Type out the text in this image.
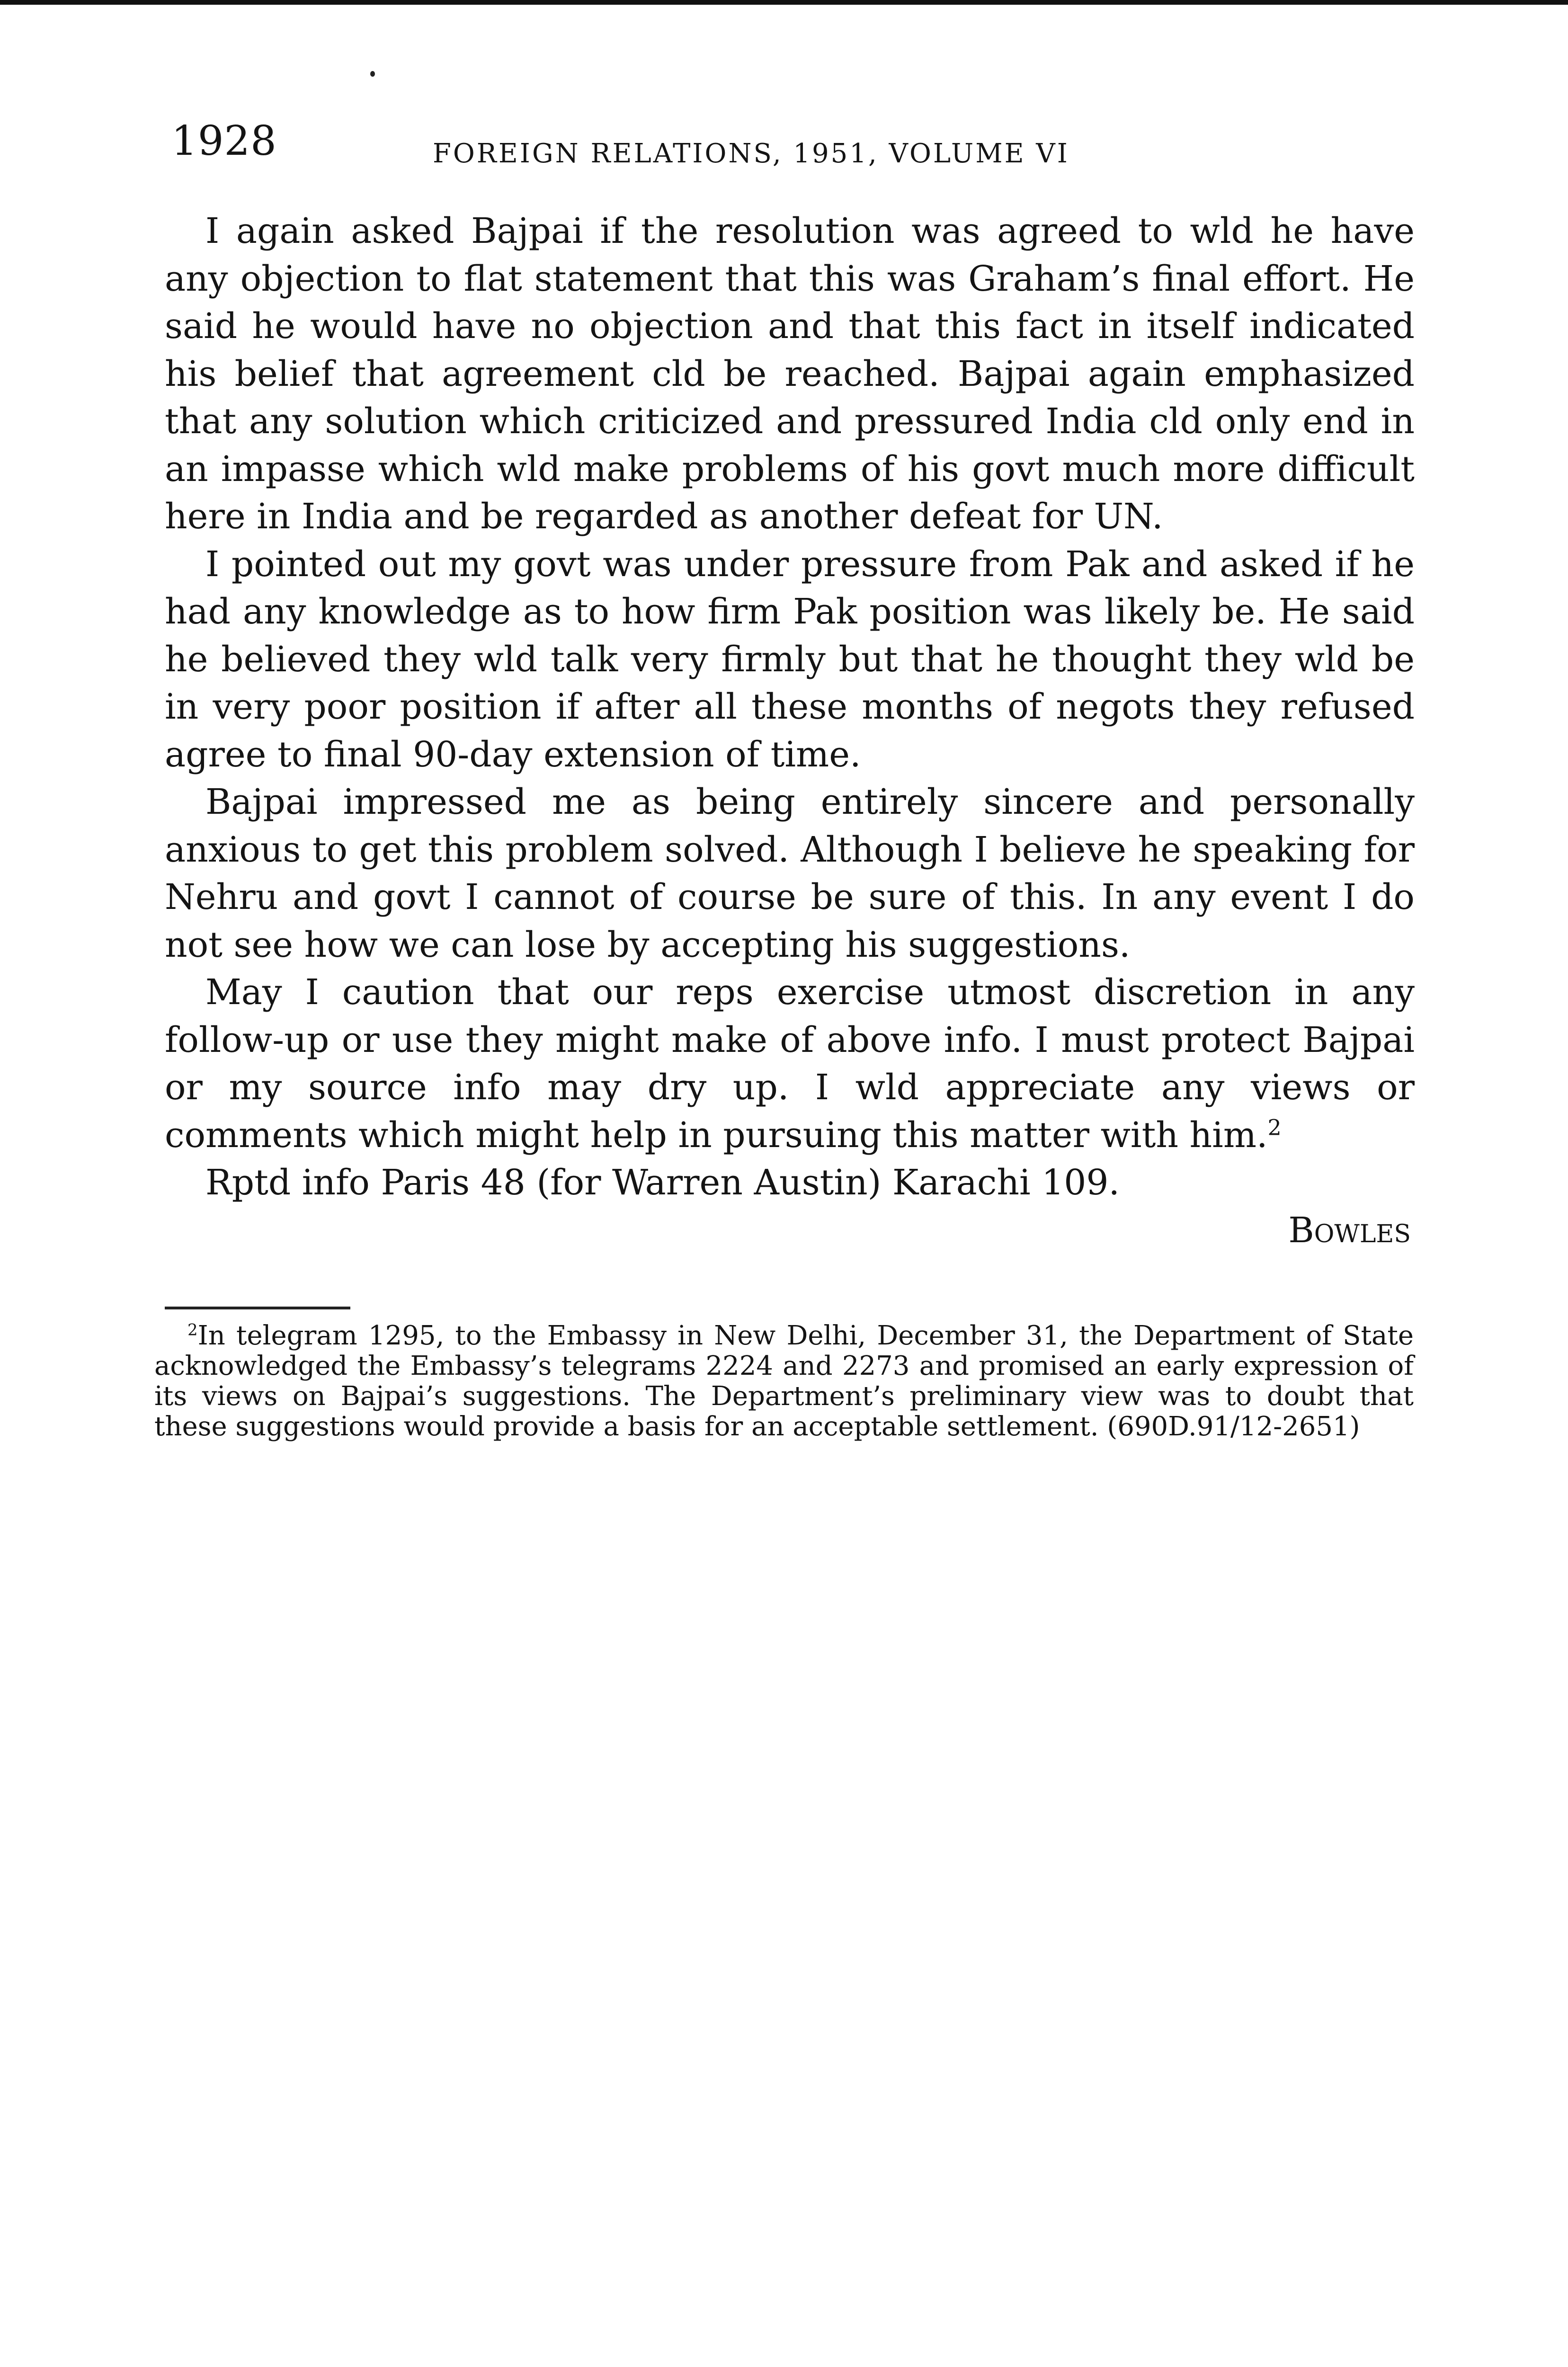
1928	FOREIGN RELATIONS, 1951, VOLUME VI

I again asked Bajpai if the resolution was agreed to wld he have any objection to flat statement that this was Graham’s final effort. He said he would have no objection and that this fact in itself indicated his belief that agreement cld be reached. Bajpai again emphasized that any solution which criticized and pressured India cld only end in an impasse which wld make problems of his govt much more difficult here in India and be regarded as another defeat for UN.

I pointed out my govt was under pressure from Pak and asked if he had any knowledge as to how firm Pak position was likely be. He said he believed they wld talk very firmly but that he thought they wld be in very poor position if after all these months of negots they refused agree to final 90-day extension of time.

Bajpai impressed me as being entirely sincere and personally anxious to get this problem solved. Although I believe he speaking for Nehru and govt I cannot of course be sure of this. In any event I do not see how we can lose by accepting his suggestions.

May I caution that our reps exercise utmost discretion in any follow-up or use they might make of above info. I must protect Bajpai or my source info may dry up. I wld appreciate any views or comments which might help in pursuing this matter with him.$^2$

Rptd info Paris 48 (for Warren Austin) Karachi 109.

Bowles

$^2$In telegram 1295, to the Embassy in New Delhi, December 31, the Department of State acknowledged the Embassy’s telegrams 2224 and 2273 and promised an early expression of its views on Bajpai’s suggestions. The Department’s preliminary view was to doubt that these suggestions would provide a basis for an acceptable settlement. (690D.91/12-2651)
